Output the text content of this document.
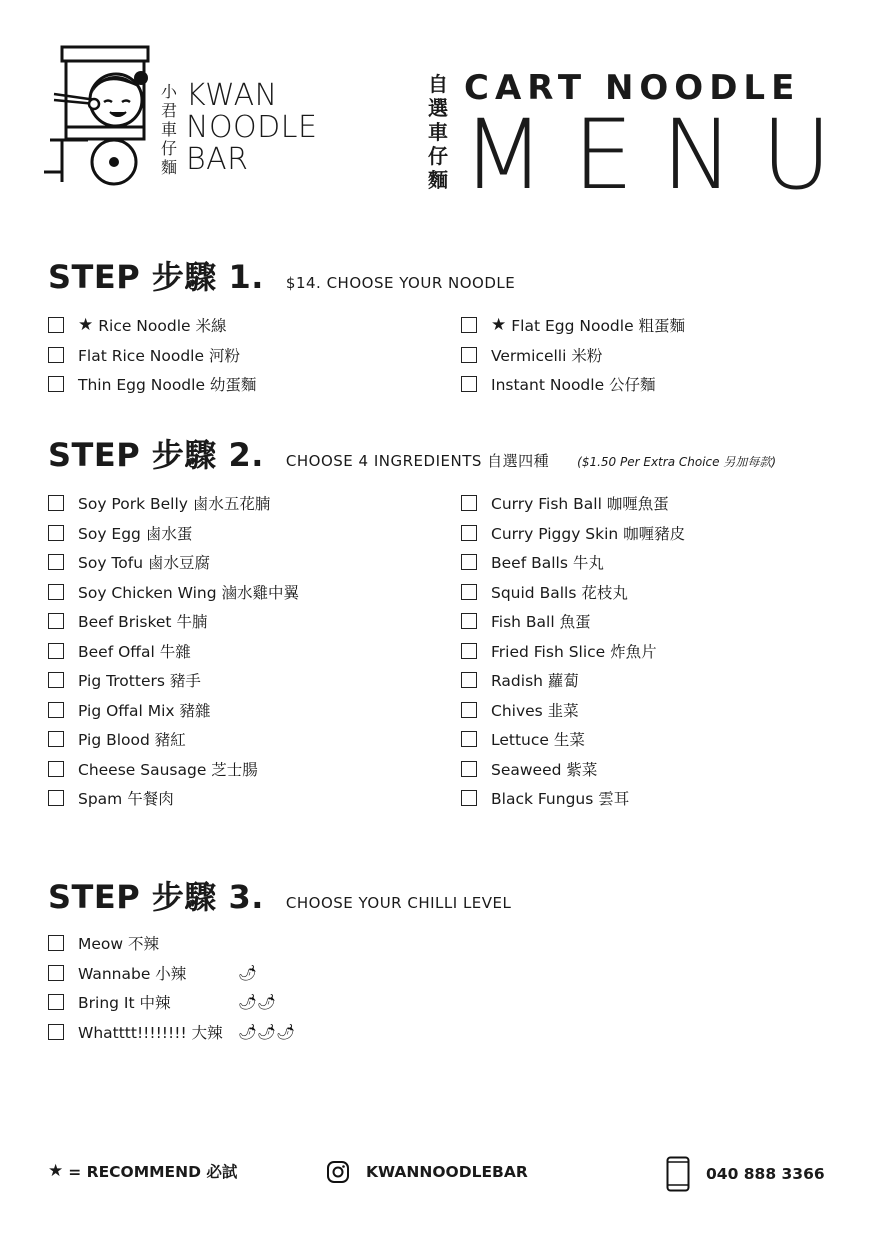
小
君
車
仔
麵
KWAN
NOODLE
BAR
自
選
車
仔
麵
CART NOODLE
MENU
STEP 步驟 1. $14. CHOOSE YOUR NOODLE
★ Rice Noodle 米線
Flat Rice Noodle 河粉
Thin Egg Noodle 幼蛋麵
★ Flat Egg Noodle 粗蛋麵
Vermicelli 米粉
Instant Noodle 公仔麵
STEP 步驟 2. CHOOSE 4 INGREDIENTS 自選四種 ($1.50 Per Extra Choice 另加每款)
Soy Pork Belly 鹵水五花腩
Soy Egg 鹵水蛋
Soy Tofu 鹵水豆腐
Soy Chicken Wing 滷水雞中翼
Beef Brisket 牛腩
Beef Offal 牛雜
Pig Trotters 豬手
Pig Offal Mix 豬雜
Pig Blood 豬紅
Cheese Sausage 芝士腸
Spam 午餐肉
Curry Fish Ball 咖喱魚蛋
Curry Piggy Skin 咖喱豬皮
Beef Balls 牛丸
Squid Balls 花枝丸
Fish Ball 魚蛋
Fried Fish Slice 炸魚片
Radish 蘿蔔
Chives 韭菜
Lettuce 生菜
Seaweed 紫菜
Black Fungus 雲耳
STEP 步驟 3. CHOOSE YOUR CHILLI LEVEL
Meow 不辣
Wannabe 小辣	🌶
Bring It 中辣	🌶 🌶
Whatttt!!!!!!!! 大辣	🌶 🌶 🌶
★ = RECOMMEND 必試	KWANNOODLEBAR	040 888 3366
